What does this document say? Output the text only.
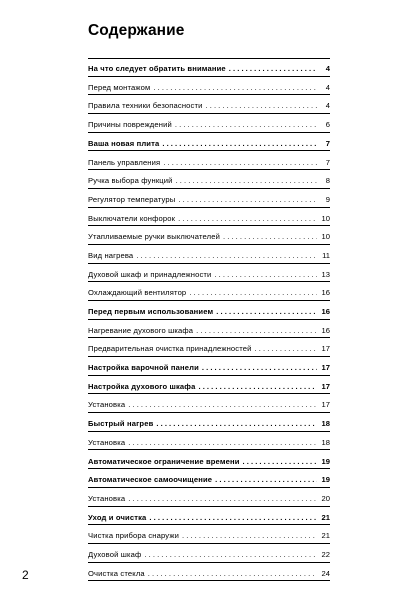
Содержание
На что следует обратить внимание . . .	4
Перед монтажом . . .	4
Правила техники безопасности . . .	4
Причины повреждений . . .	6
Ваша новая плита . . .	7
Панель управления . . .	7
Ручка выбора функций . . .	8
Регулятор температуры . . .	9
Выключатели конфорок . . .	10
Утапливаемые ручки выключателей . . .	10
Вид нагрева . . .	11
Духовой шкаф и принадлежности . . .	13
Охлаждающий вентилятор . . .	16
Перед первым использованием . . .	16
Нагревание духового шкафа . . .	16
Предварительная очистка принадлежностей . . .	17
Настройка варочной панели . . .	17
Настройка духового шкафа . . .	17
Установка . . .	17
Быстрый нагрев . . .	18
Установка . . .	18
Автоматическое ограничение времени . . .	19
Автоматическое самоочищение . . .	19
Установка . . .	20
Уход и очистка . . .	21
Чистка прибора снаружи . . .	21
Духовой шкаф . . .	22
Очистка стекла . . .	24
2
